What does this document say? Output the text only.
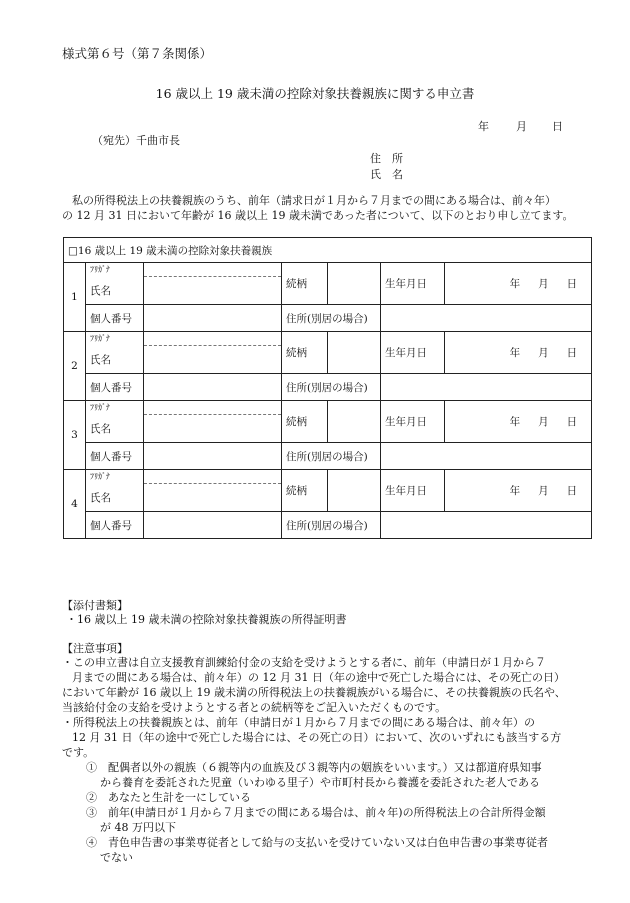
様式第６号（第７条関係）
16 歳以上 19 歳未満の控除対象扶養親族に関する申立書
年 月 日
（宛先）千曲市長
住　所
氏　名

私の所得税法上の扶養親族のうち、前年（請求日が１月から７月までの間にある場合は、前々年）

の 12 月 31 日において年齢が 16 歳以上 19 歳未満であった者について、以下のとおり申し立てます。

□16 歳以上 19 歳未満の控除対象扶養親族						
1	ﾌﾘｶﾞﾅ		続柄		生年月日	年 月 日
	氏名					
	個人番号		住所(別居の場合)			
2	ﾌﾘｶﾞﾅ		続柄		生年月日	年 月 日
	氏名					
	個人番号		住所(別居の場合)			
3	ﾌﾘｶﾞﾅ		続柄		生年月日	年 月 日
	氏名					
	個人番号		住所(別居の場合)			
4	ﾌﾘｶﾞﾅ		続柄		生年月日	年 月 日
	氏名					
	個人番号		住所(別居の場合)			
【添付書類】
・16 歳以上 19 歳未満の控除対象扶養親族の所得証明書
【注意事項】

・この申立書は自立支援教育訓練給付金の支給を受けようとする者に、前年（申請日が１月から７

月までの間にある場合は、前々年）の 12 月 31 日（年の途中で死亡した場合には、その死亡の日）

において年齢が 16 歳以上 19 歳未満の所得税法上の扶養親族がいる場合に、その扶養親族の氏名や、

当該給付金の支給を受けようとする者との続柄等をご記入いただくものです。

・所得税法上の扶養親族とは、前年（申請日が１月から７月までの間にある場合は、前々年）の

12 月 31 日（年の途中で死亡した場合には、その死亡の日）において、次のいずれにも該当する方

です。

①　配偶者以外の親族（６親等内の血族及び３親等内の姻族をいいます。）又は都道府県知事

から養育を委託された児童（いわゆる里子）や市町村長から養護を委託された老人である

②　あなたと生計を一にしている

③　前年(申請日が１月から７月までの間にある場合は、前々年)の所得税法上の合計所得金額

が 48 万円以下

④　青色申告書の事業専従者として給与の支払いを受けていない又は白色申告書の事業専従者

でない
